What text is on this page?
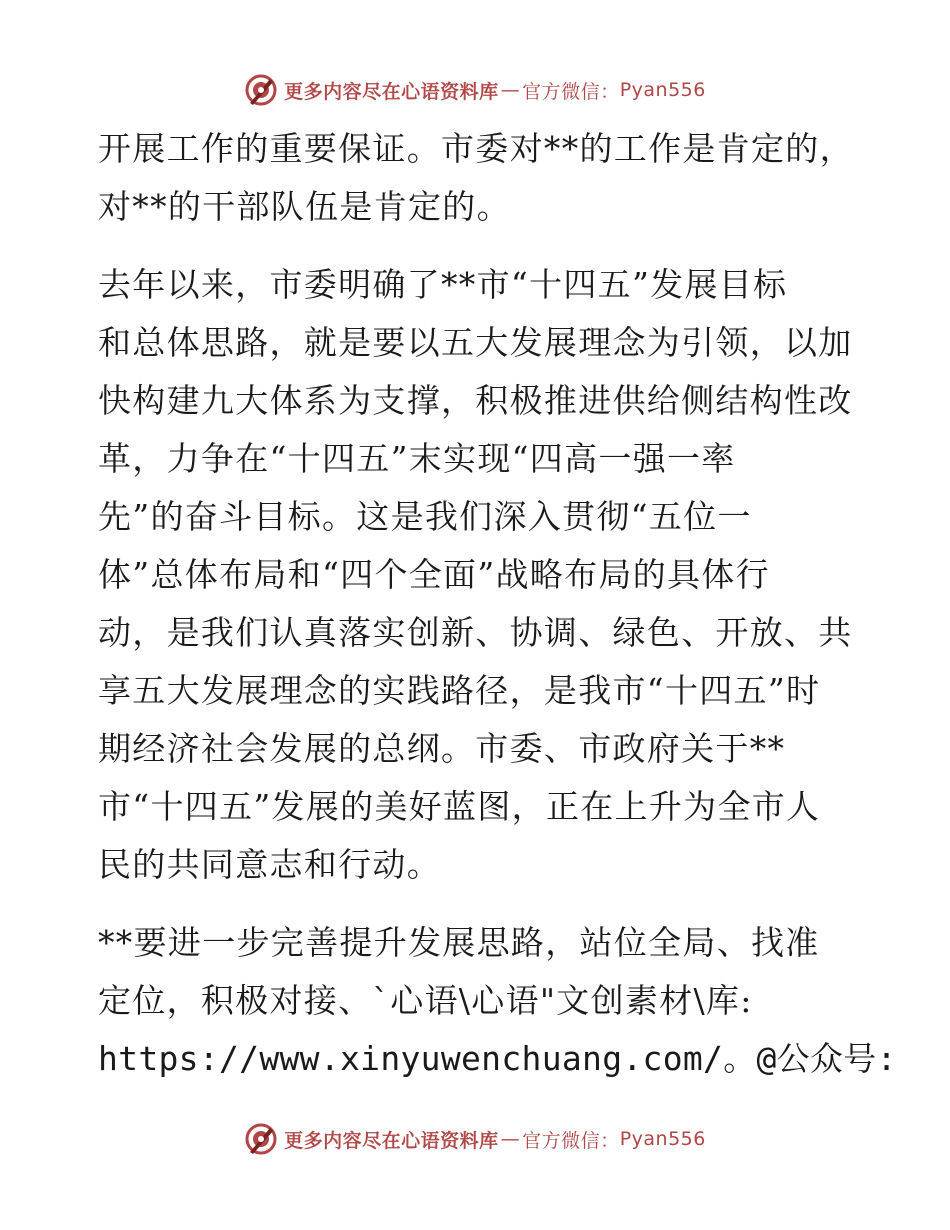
更多内容尽在心语资料库 — 官方微信： Pyan556
开展工作的重要保证。市委对**的工作是肯定的，
对**的干部队伍是肯定的。
去年以来，市委明确了**市“十四五”发展目标
和总体思路，就是要以五大发展理念为引领，以加
快构建九大体系为支撑，积极推进供给侧结构性改
革，力争在“十四五”末实现“四高一强一率
先”的奋斗目标。这是我们深入贯彻“五位一
体”总体布局和“四个全面”战略布局的具体行
动，是我们认真落实创新、协调、绿色、开放、共
享五大发展理念的实践路径，是我市“十四五”时
期经济社会发展的总纲。市委、市政府关于**
市“十四五”发展的美好蓝图，正在上升为全市人
民的共同意志和行动。
**要进一步完善提升发展思路，站位全局、找准
定位，积极对接、`心语\心语"文创素材\库:
https://www.xinyuwenchuang.com/。@公众号:
更多内容尽在心语资料库 — 官方微信： Pyan556
